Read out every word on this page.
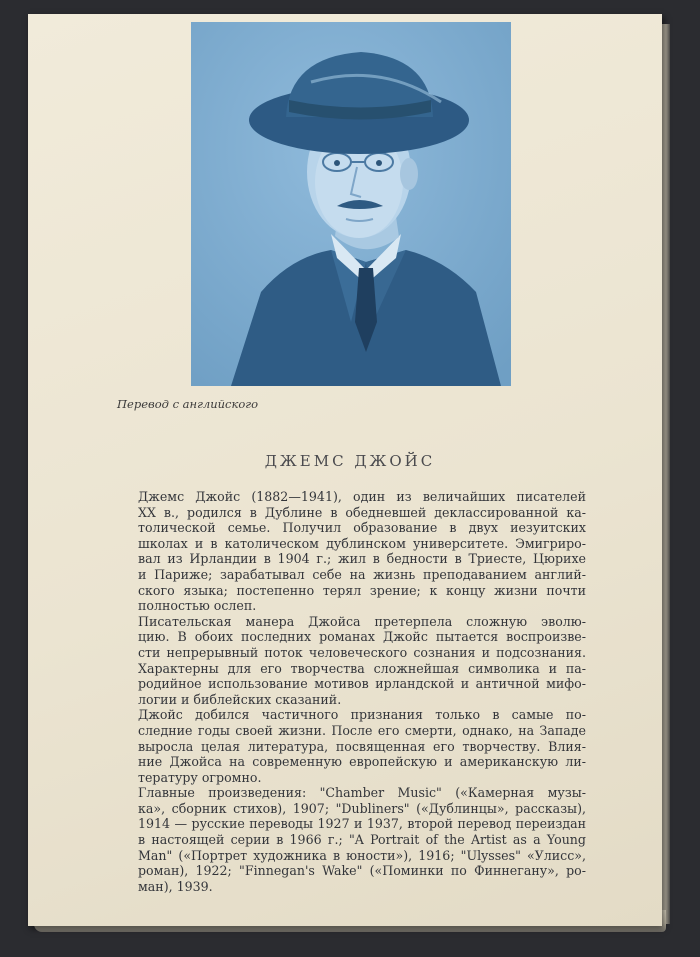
Перевод с английского
ДЖЕМС ДЖОЙС

Джемс Джойс (1882—1941), один из величайших писателей
XX в., родился в Дублине в обедневшей деклассированной ка-
толической семье. Получил образование в двух иезуитских
школах и в католическом дублинском университете. Эмигриро-
вал из Ирландии в 1904 г.; жил в бедности в Триесте, Цюрихе
и Париже; зарабатывал себе на жизнь преподаванием англий-
ского языка; постепенно терял зрение; к концу жизни почти
полностью ослеп.

Писательская манера Джойса претерпела сложную эволю-
цию. В обоих последних романах Джойс пытается воспроизве-
сти непрерывный поток человеческого сознания и подсознания.
Характерны для его творчества сложнейшая символика и па-
родийное использование мотивов ирландской и античной мифо-
логии и библейских сказаний.

Джойс добился частичного признания только в самые по-
следние годы своей жизни. После его смерти, однако, на Западе
выросла целая литература, посвященная его творчеству. Влия-
ние Джойса на современную европейскую и американскую ли-
тературу огромно.

Главные произведения: "Chamber Music" («Камерная музы-
ка», сборник стихов), 1907; "Dubliners" («Дублинцы», рассказы),
1914 — русские переводы 1927 и 1937, второй перевод переиздан
в настоящей серии в 1966 г.; "A Portrait of the Artist as a Young
Man" («Портрет художника в юности»), 1916; "Ulysses" «Улисс»,
роман), 1922; "Finnegan's Wake" («Поминки по Финнегану», ро-
ман), 1939.
